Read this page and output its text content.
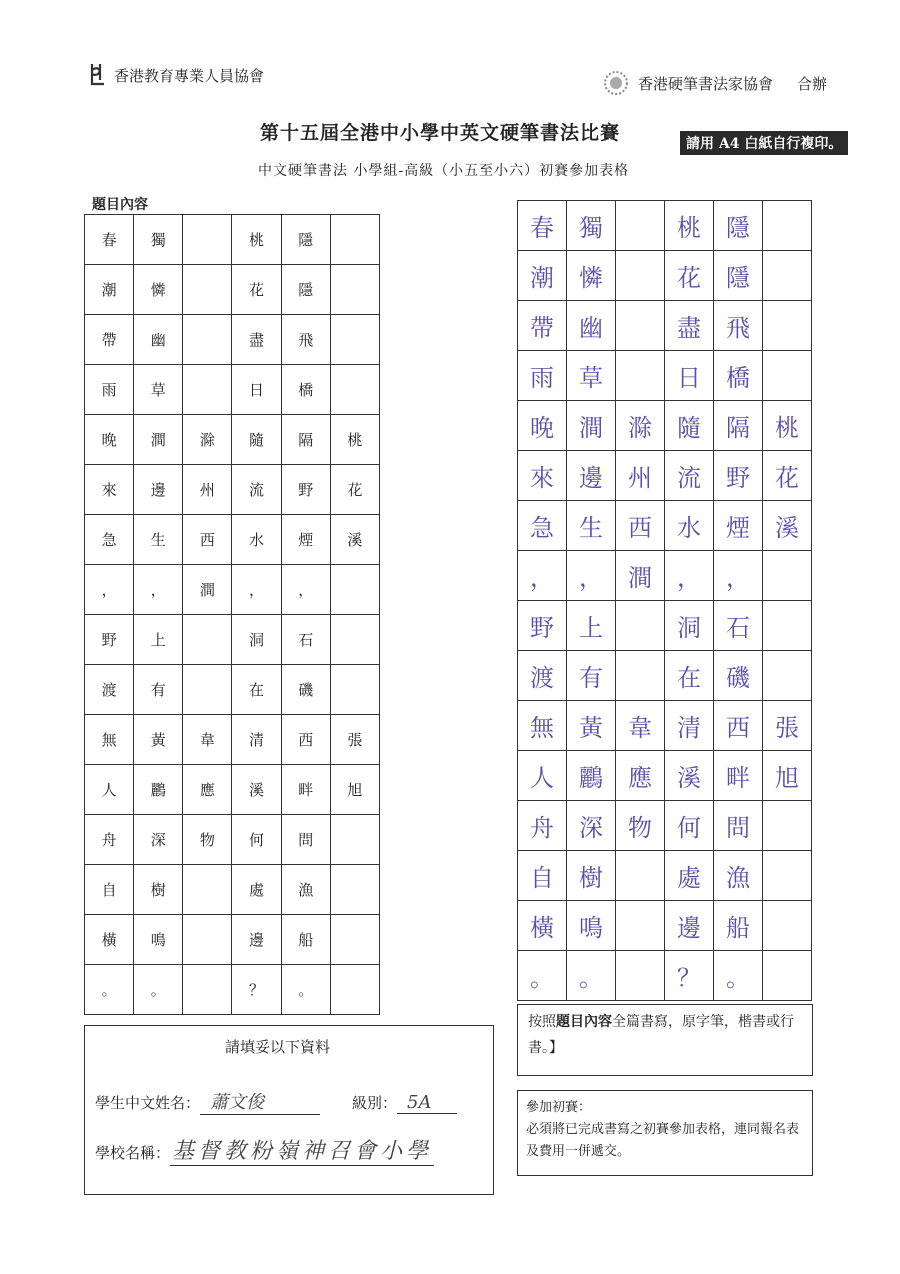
香港教育專業人員協會	香港硬筆書法家協會 合辦
第十五屆全港中小學中英文硬筆書法比賽	請用 A4 白紙自行複印。
中文硬筆書法 小學組-高級（小五至小六）初賽參加表格
題目內容
春	獨		桃	隱	
潮	憐		花	隱	
帶	幽		盡	飛	
雨	草		日	橋	
晚	澗	滁	隨	隔	桃
來	邊	州	流	野	花
急	生	西	水	煙	溪
，	，	澗	，	，	
野	上		洞	石	
渡	有		在	磯	
無	黃	韋	清	西	張
人	鸝	應	溪	畔	旭
舟	深	物	何	問	
自	樹		處	漁	
橫	鳴		邊	船	
。	。		？	。	
春	獨		桃	隱	
潮	憐		花	隱	
帶	幽		盡	飛	
雨	草		日	橋	
晚	澗	滁	隨	隔	桃
來	邊	州	流	野	花
急	生	西	水	煙	溪
，	，	澗	，	，	
野	上		洞	石	
渡	有		在	磯	
無	黃	韋	清	西	張
人	鸝	應	溪	畔	旭
舟	深	物	何	問	
自	樹		處	漁	
橫	鳴		邊	船	
。	。		？	。	
請填妥以下資料
學生中文姓名： 蕭文俊	級別： 5A
學校名稱： 基督教粉嶺神召會小學
按照題目內容全篇書寫，原字筆，楷書或行書。】
參加初賽：
必須將已完成書寫之初賽參加表格，連同報名表及費用一併遞交。
